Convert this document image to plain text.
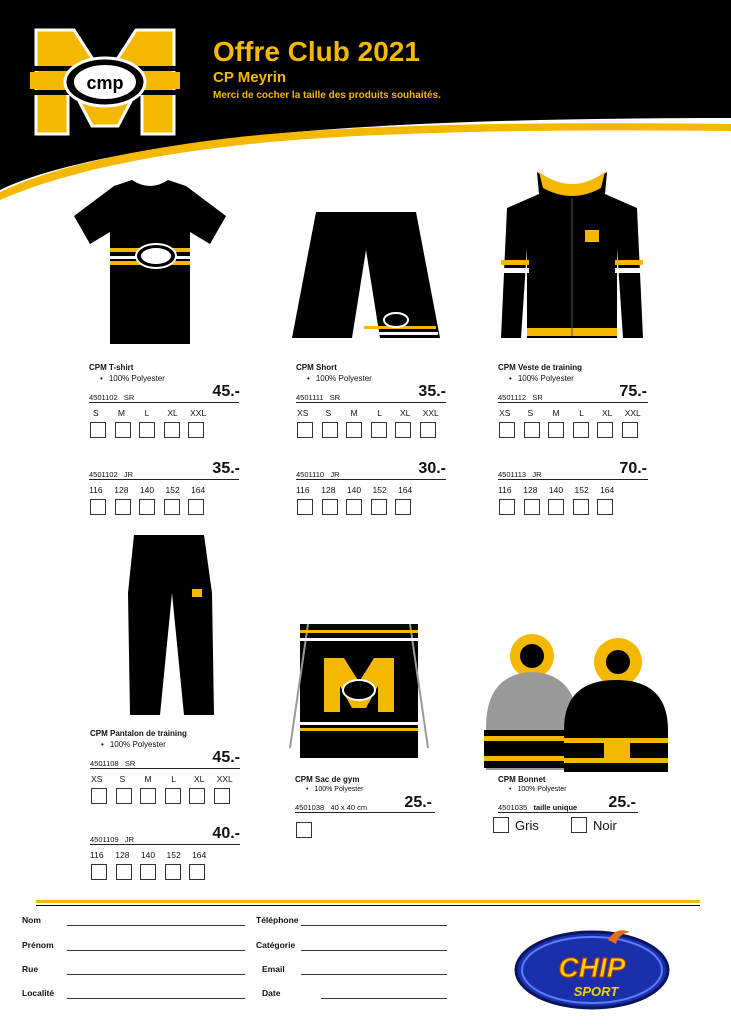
cmp
Offre Club 2021
CP Meyrin
Merci de cocher la taille des produits souhaités.
CPM T-shirt
• 100% Polyester
4501102 SR	45.-
S	M	L	XL	XXL
4501102 JR	35.-
116	128	140	152	164
CPM Short
• 100% Polyester
4501111 SR	35.-
XS	S	M	L	XL	XXL
4501110 JR	30.-
116	128	140	152	164
CPM Veste de training
• 100% Polyester
4501112 SR	75.-
XS	S	M	L	XL	XXL
4501113 JR	70.-
116	128	140	152	164
CPM Pantalon de training
• 100% Polyester
4501108 SR	45.-
XS	S	M	L	XL	XXL
4501109 JR	40.-
116	128	140	152	164
CPM Sac de gym
• 100% Polyester
4501038 40 x 40 cm	25.-
CPM Bonnet
• 100% Polyester
4501035 taille unique	25.-
Gris	Noir
Nom	Téléphone
Prénom	Catégorie
Rue	Email
Localité	Date
CHIP
SPORT
